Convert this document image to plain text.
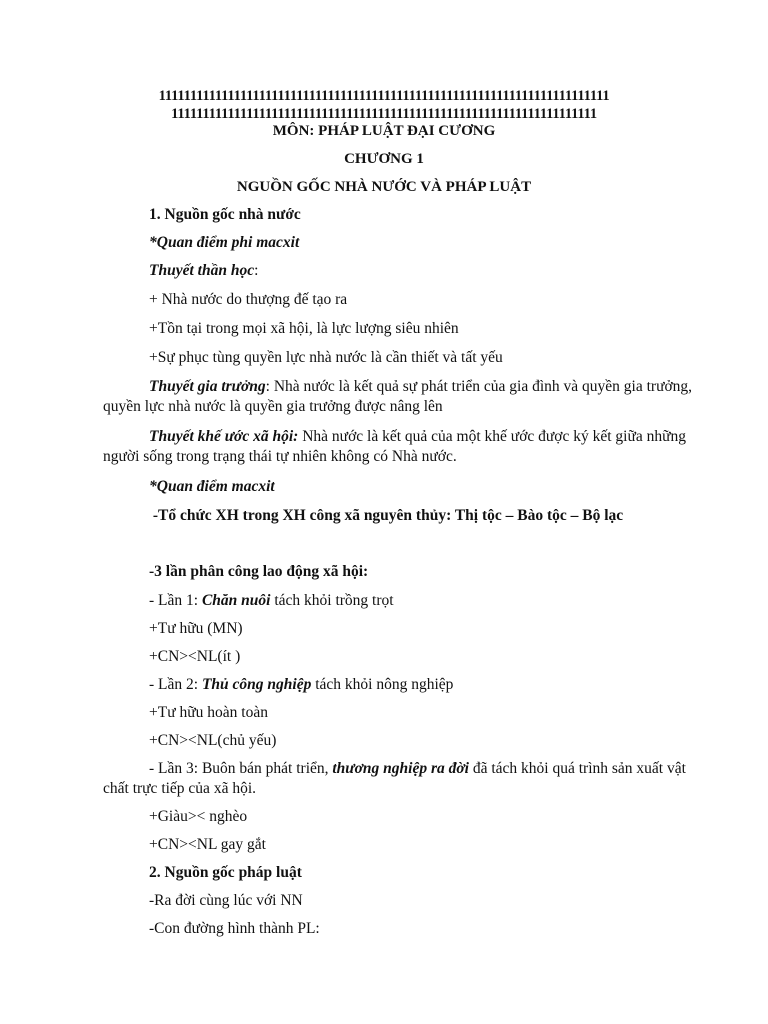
111111111111111111111111111111111111111111111111111111111111111111111111
11111111111111111111111111111111111111111111111111111111111111111111
MÔN: PHÁP LUẬT ĐẠI CƯƠNG
CHƯƠNG 1
NGUỒN GỐC NHÀ NƯỚC VÀ PHÁP LUẬT
1. Nguồn gốc nhà nước
*Quan điểm phi macxit
Thuyết thần học:
+ Nhà nước do thượng đế tạo ra
+Tồn tại trong mọi xã hội, là lực lượng siêu nhiên
+Sự phục tùng quyền lực nhà nước là cần thiết và tất yếu
Thuyết gia trưởng: Nhà nước là kết quả sự phát triển của gia đình và quyền gia trưởng, quyền lực nhà nước là quyền gia trưởng được nâng lên
Thuyết khế ước xã hội: Nhà nước là kết quả của một khế ước được ký kết giữa những người sống trong trạng thái tự nhiên không có Nhà nước.
*Quan điểm macxit
-Tổ chức XH trong XH công xã nguyên thủy: Thị tộc – Bào tộc – Bộ lạc
-3 lần phân công lao động xã hội:
- Lần 1: Chăn nuôi tách khỏi trồng trọt
+Tư hữu (MN)
+CN><NL(ít )
- Lần 2: Thủ công nghiệp tách khỏi nông nghiệp
+Tư hữu hoàn toàn
+CN><NL(chủ yếu)
- Lần 3: Buôn bán phát triển, thương nghiệp ra đời đã tách khỏi quá trình sản xuất vật chất trực tiếp của xã hội.
+Giàu>< nghèo
+CN><NL gay gắt
2. Nguồn gốc pháp luật
-Ra đời cùng lúc với NN
-Con đường hình thành PL:
